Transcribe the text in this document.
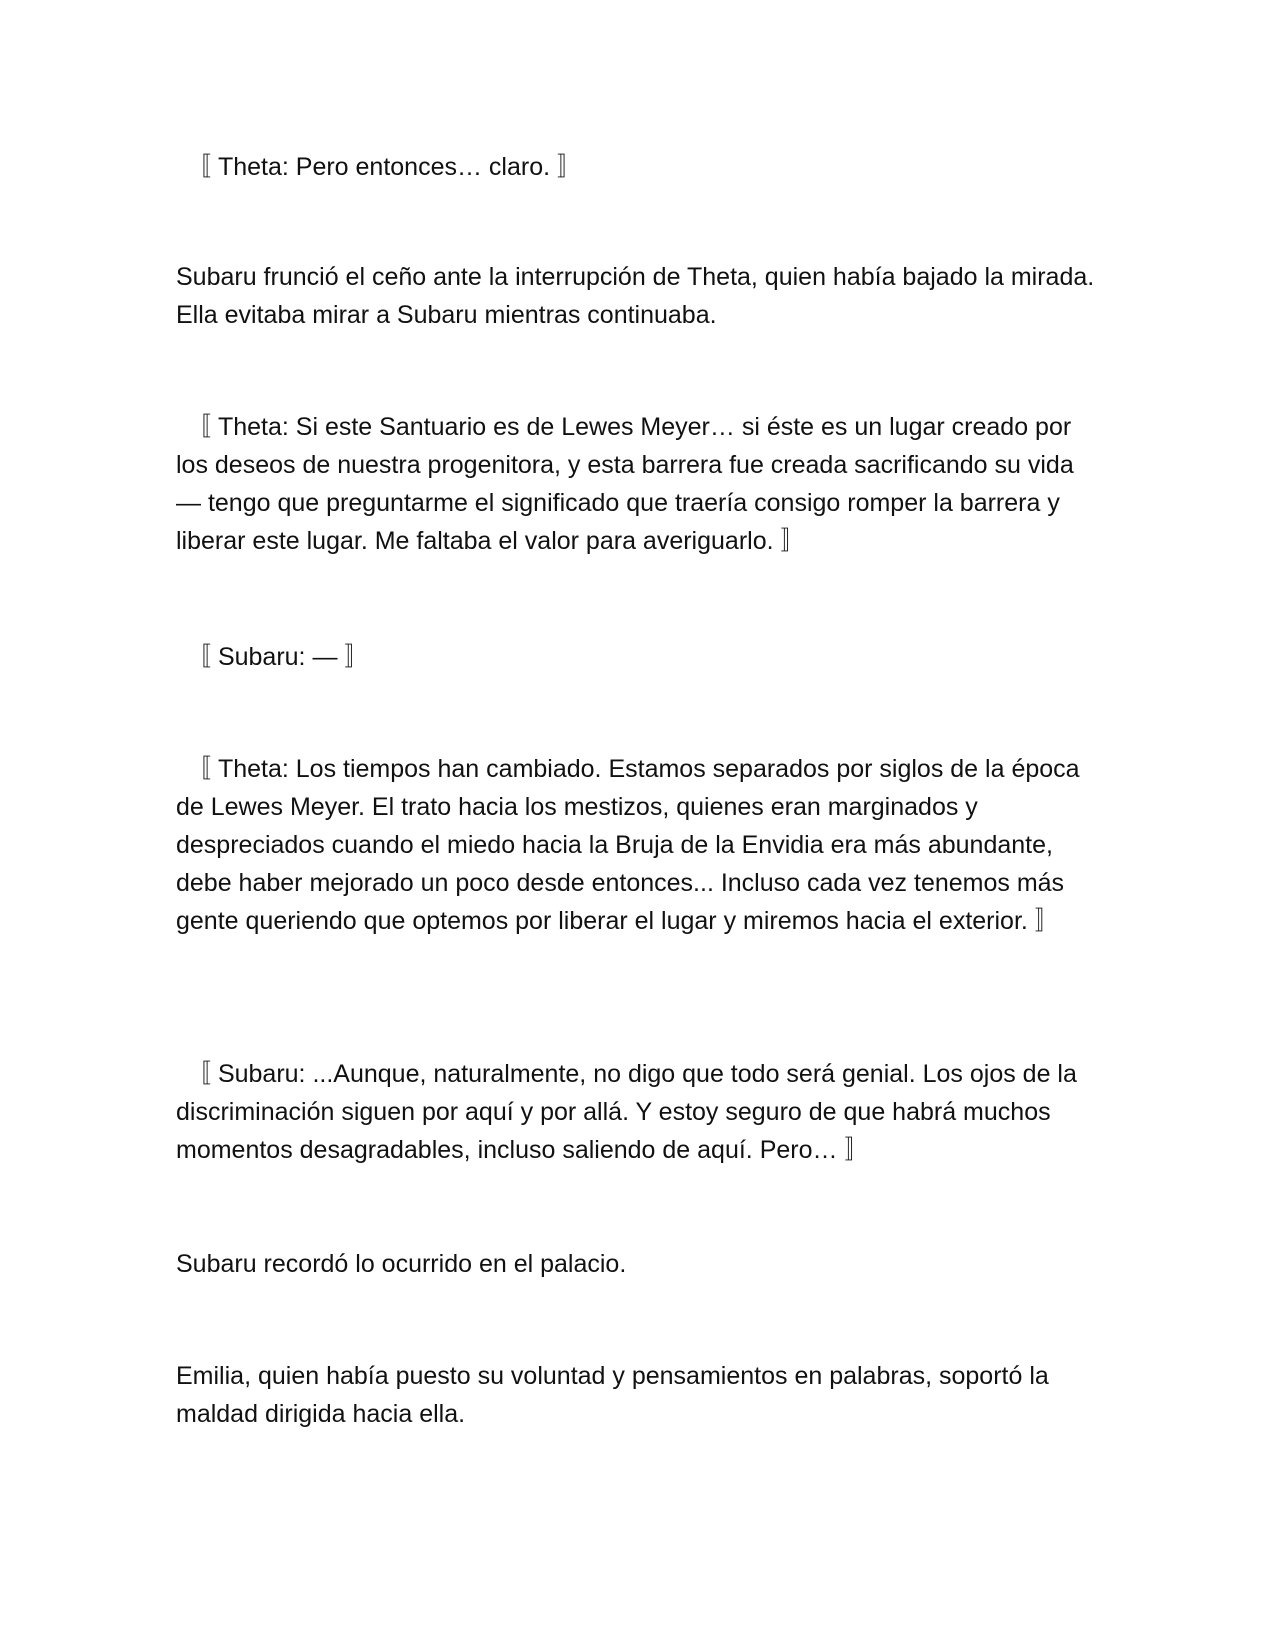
〚 Theta: Pero entonces… claro. 〛

Subaru frunció el ceño ante la interrupción de Theta, quien había bajado la mirada. Ella evitaba mirar a Subaru mientras continuaba.

〚 Theta: Si este Santuario es de Lewes Meyer… si éste es un lugar creado por los deseos de nuestra progenitora, y esta barrera fue creada sacrificando su vida — tengo que preguntarme el significado que traería consigo romper la barrera y liberar este lugar. Me faltaba el valor para averiguarlo. 〛

〚 Subaru: — 〛

〚 Theta: Los tiempos han cambiado. Estamos separados por siglos de la época de Lewes Meyer. El trato hacia los mestizos, quienes eran marginados y despreciados cuando el miedo hacia la Bruja de la Envidia era más abundante, debe haber mejorado un poco desde entonces... Incluso cada vez tenemos más gente queriendo que optemos por liberar el lugar y miremos hacia el exterior. 〛

〚 Subaru: ...Aunque, naturalmente, no digo que todo será genial. Los ojos de la discriminación siguen por aquí y por allá. Y estoy seguro de que habrá muchos momentos desagradables, incluso saliendo de aquí. Pero… 〛

Subaru recordó lo ocurrido en el palacio.

Emilia, quien había puesto su voluntad y pensamientos en palabras, soportó la maldad dirigida hacia ella.
